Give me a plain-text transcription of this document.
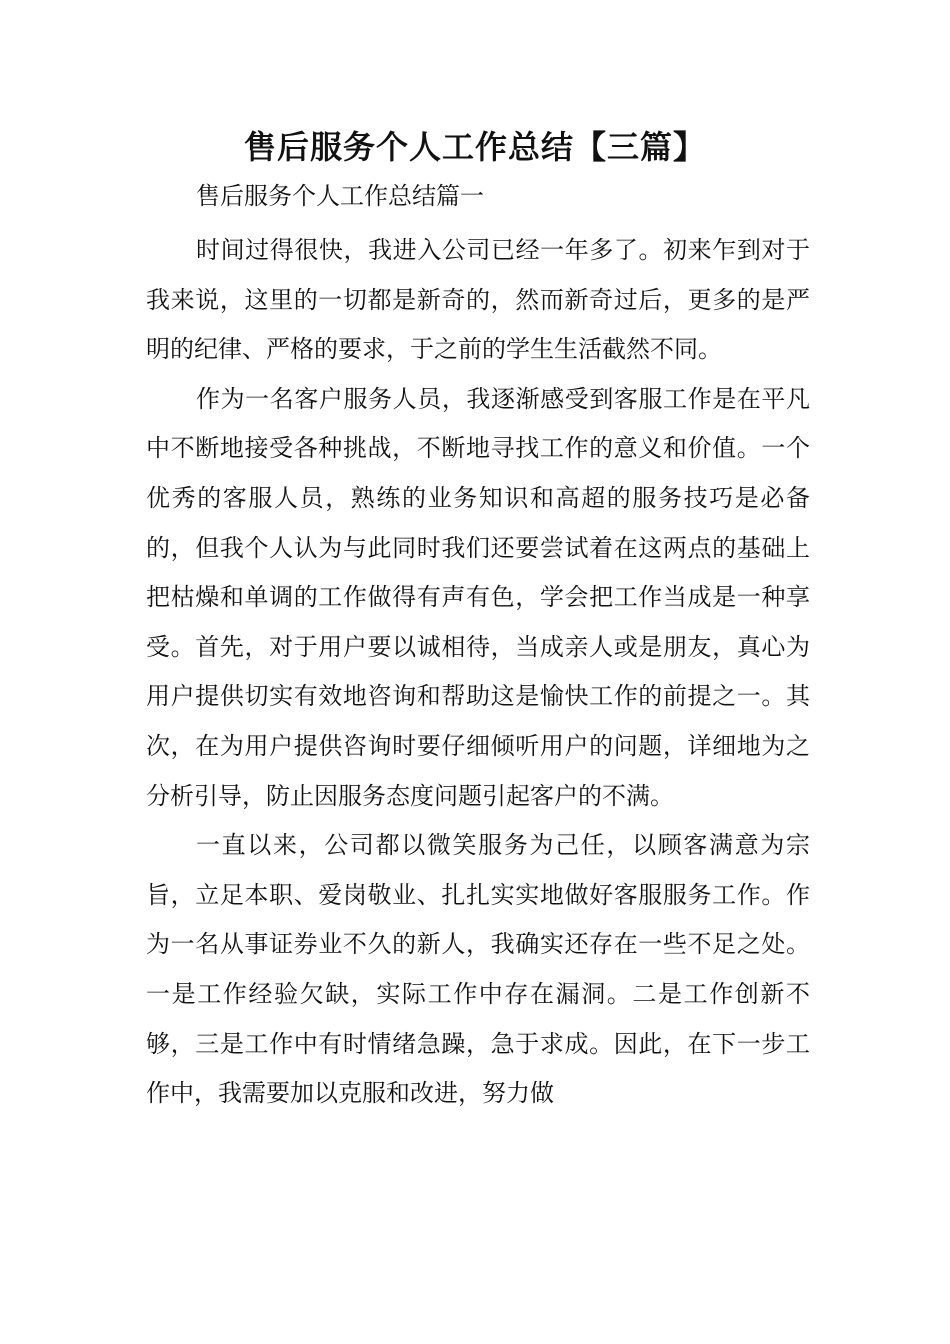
售后服务个人工作总结【三篇】

售后服务个人工作总结篇一

时间过得很快，我进入公司已经一年多了。初来乍到对于我来说，这里的一切都是新奇的，然而新奇过后，更多的是严明的纪律、严格的要求，于之前的学生生活截然不同。

作为一名客户服务人员，我逐渐感受到客服工作是在平凡中不断地接受各种挑战，不断地寻找工作的意义和价值。一个优秀的客服人员，熟练的业务知识和高超的服务技巧是必备的，但我个人认为与此同时我们还要尝试着在这两点的基础上把枯燥和单调的工作做得有声有色，学会把工作当成是一种享受。首先，对于用户要以诚相待，当成亲人或是朋友，真心为用户提供切实有效地咨询和帮助这是愉快工作的前提之一。其次，在为用户提供咨询时要仔细倾听用户的问题，详细地为之分析引导，防止因服务态度问题引起客户的不满。

一直以来，公司都以微笑服务为己任，以顾客满意为宗旨，立足本职、爱岗敬业、扎扎实实地做好客服服务工作。作为一名从事证券业不久的新人，我确实还存在一些不足之处。一是工作经验欠缺，实际工作中存在漏洞。二是工作创新不够，三是工作中有时情绪急躁，急于求成。因此，在下一步工作中，我需要加以克服和改进，努力做
